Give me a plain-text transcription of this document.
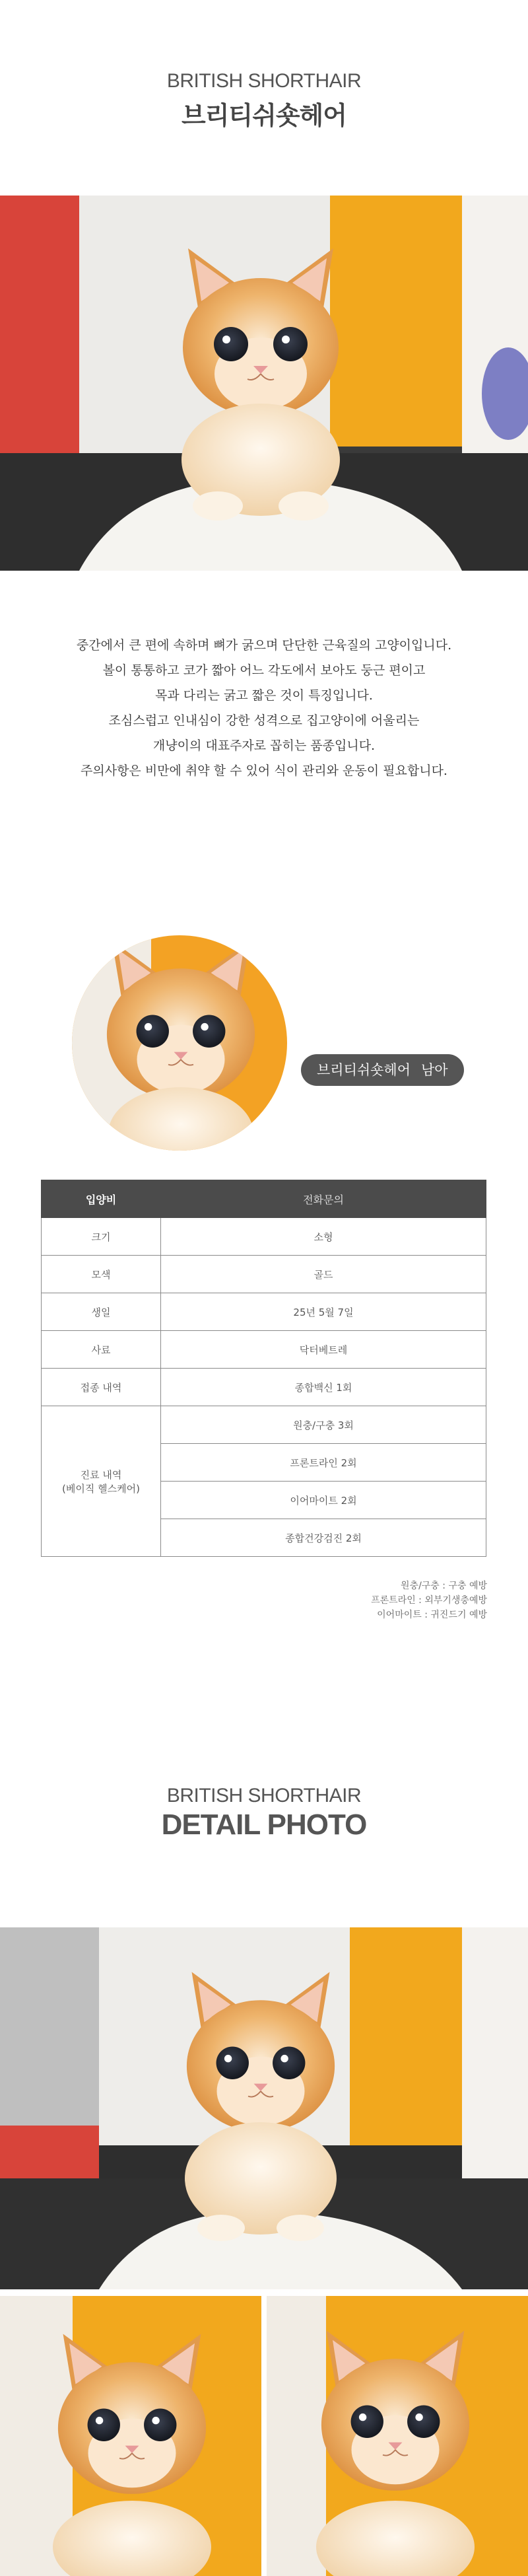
BRITISH SHORTHAIR
브리티쉬숏헤어

중간에서 큰 편에 속하며 뼈가 굵으며 단단한 근육질의 고양이입니다.

볼이 통통하고 코가 짧아 어느 각도에서 보아도 둥근 편이고

목과 다리는 굵고 짧은 것이 특징입니다.

조심스럽고 인내심이 강한 성격으로 집고양이에 어울리는

개냥이의 대표주자로 꼽히는 품종입니다.

주의사항은 비만에 취약 할 수 있어 식이 관리와 운동이 필요합니다.

브리티쉬숏헤어 남아
입양비	전화문의
크기	소형
모색	골드
생일	25년 5월 7일
사료	닥터베트레
접종 내역	종합백신 1회

진료 내역
(베이직 헬스케어)	원충/구충 3회
	프론트라인 2회
	이어마이트 2회
	종합건강검진 2회
원충/구충 : 구충 예방
프론트라인 : 외부기생충예방
이어마이트 : 귀진드기 예방
BRITISH SHORTHAIR
DETAIL PHOTO
